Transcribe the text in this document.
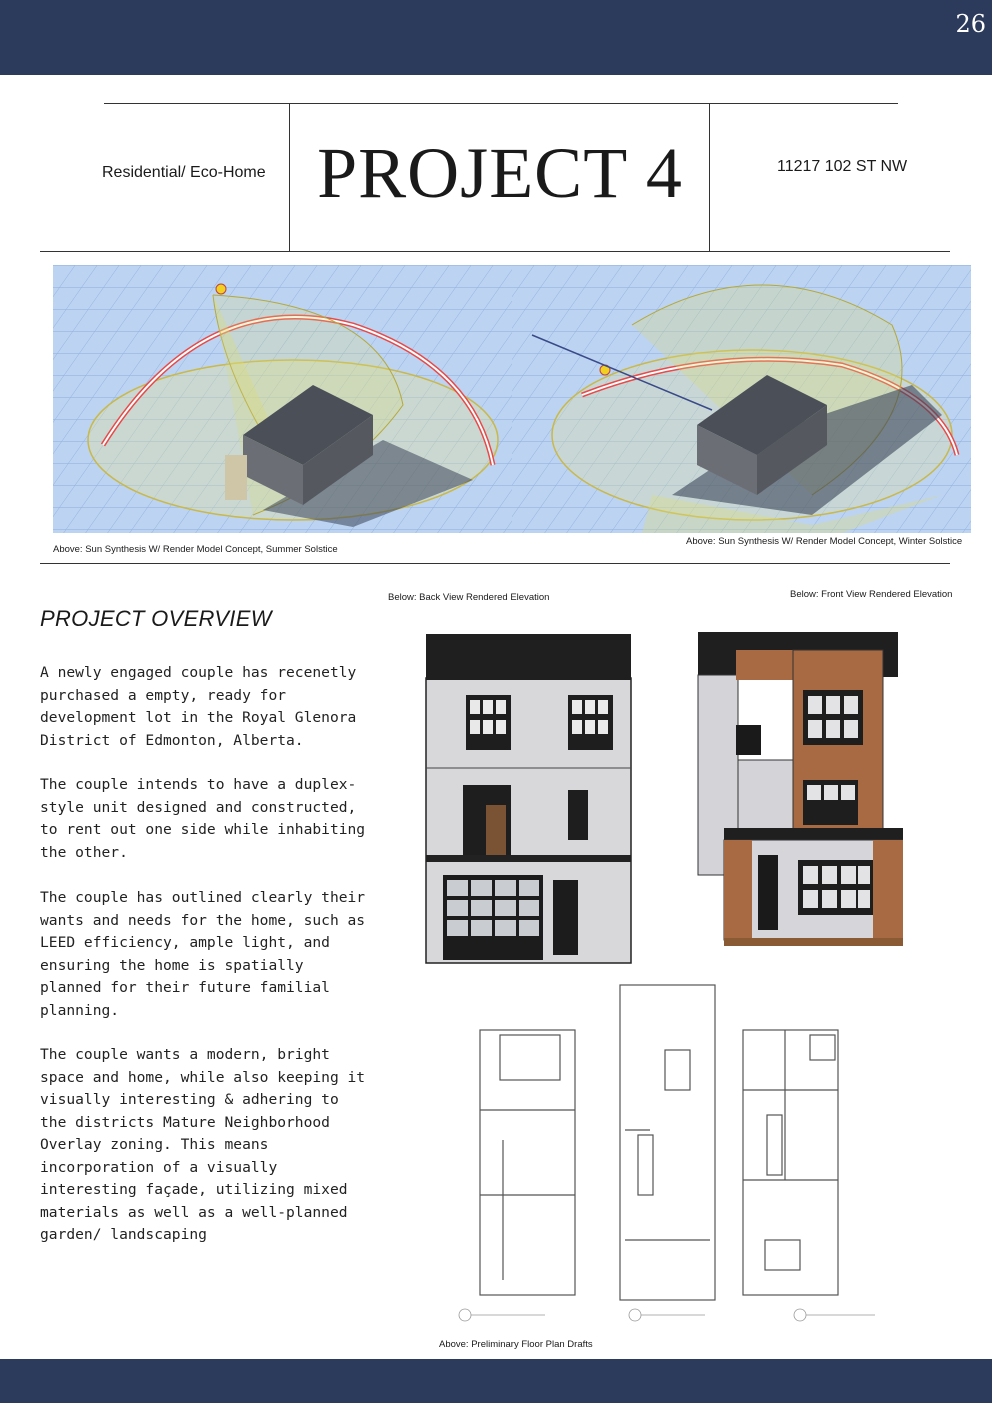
26
Residential/ Eco-Home PROJECT 4	11217 102 ST NW
Above: Sun Synthesis W/ Render Model Concept, Summer Solstice
Above: Sun Synthesis W/ Render Model Concept, Winter Solstice
PROJECT OVERVIEW

A newly engaged couple has recenetly purchased a empty, ready for development lot in the Royal Glenora District of Edmonton, Alberta.

The couple intends to have a duplex-style unit designed and constructed, to rent out one side while inhabiting the other.

The couple has outlined clearly their wants and needs for the home, such as LEED efficiency, ample light, and ensuring the home is spatially planned for their future familial planning.

The couple wants a modern, bright space and home, while also keeping it visually interesting & adhering to the districts Mature Neighborhood Overlay zoning. This means incorporation of a visually interesting façade, utilizing mixed materials as well as a well-planned garden/ landscaping

Below: Back View Rendered Elevation	Below: Front View Rendered Elevation
Above: Preliminary Floor Plan Drafts
